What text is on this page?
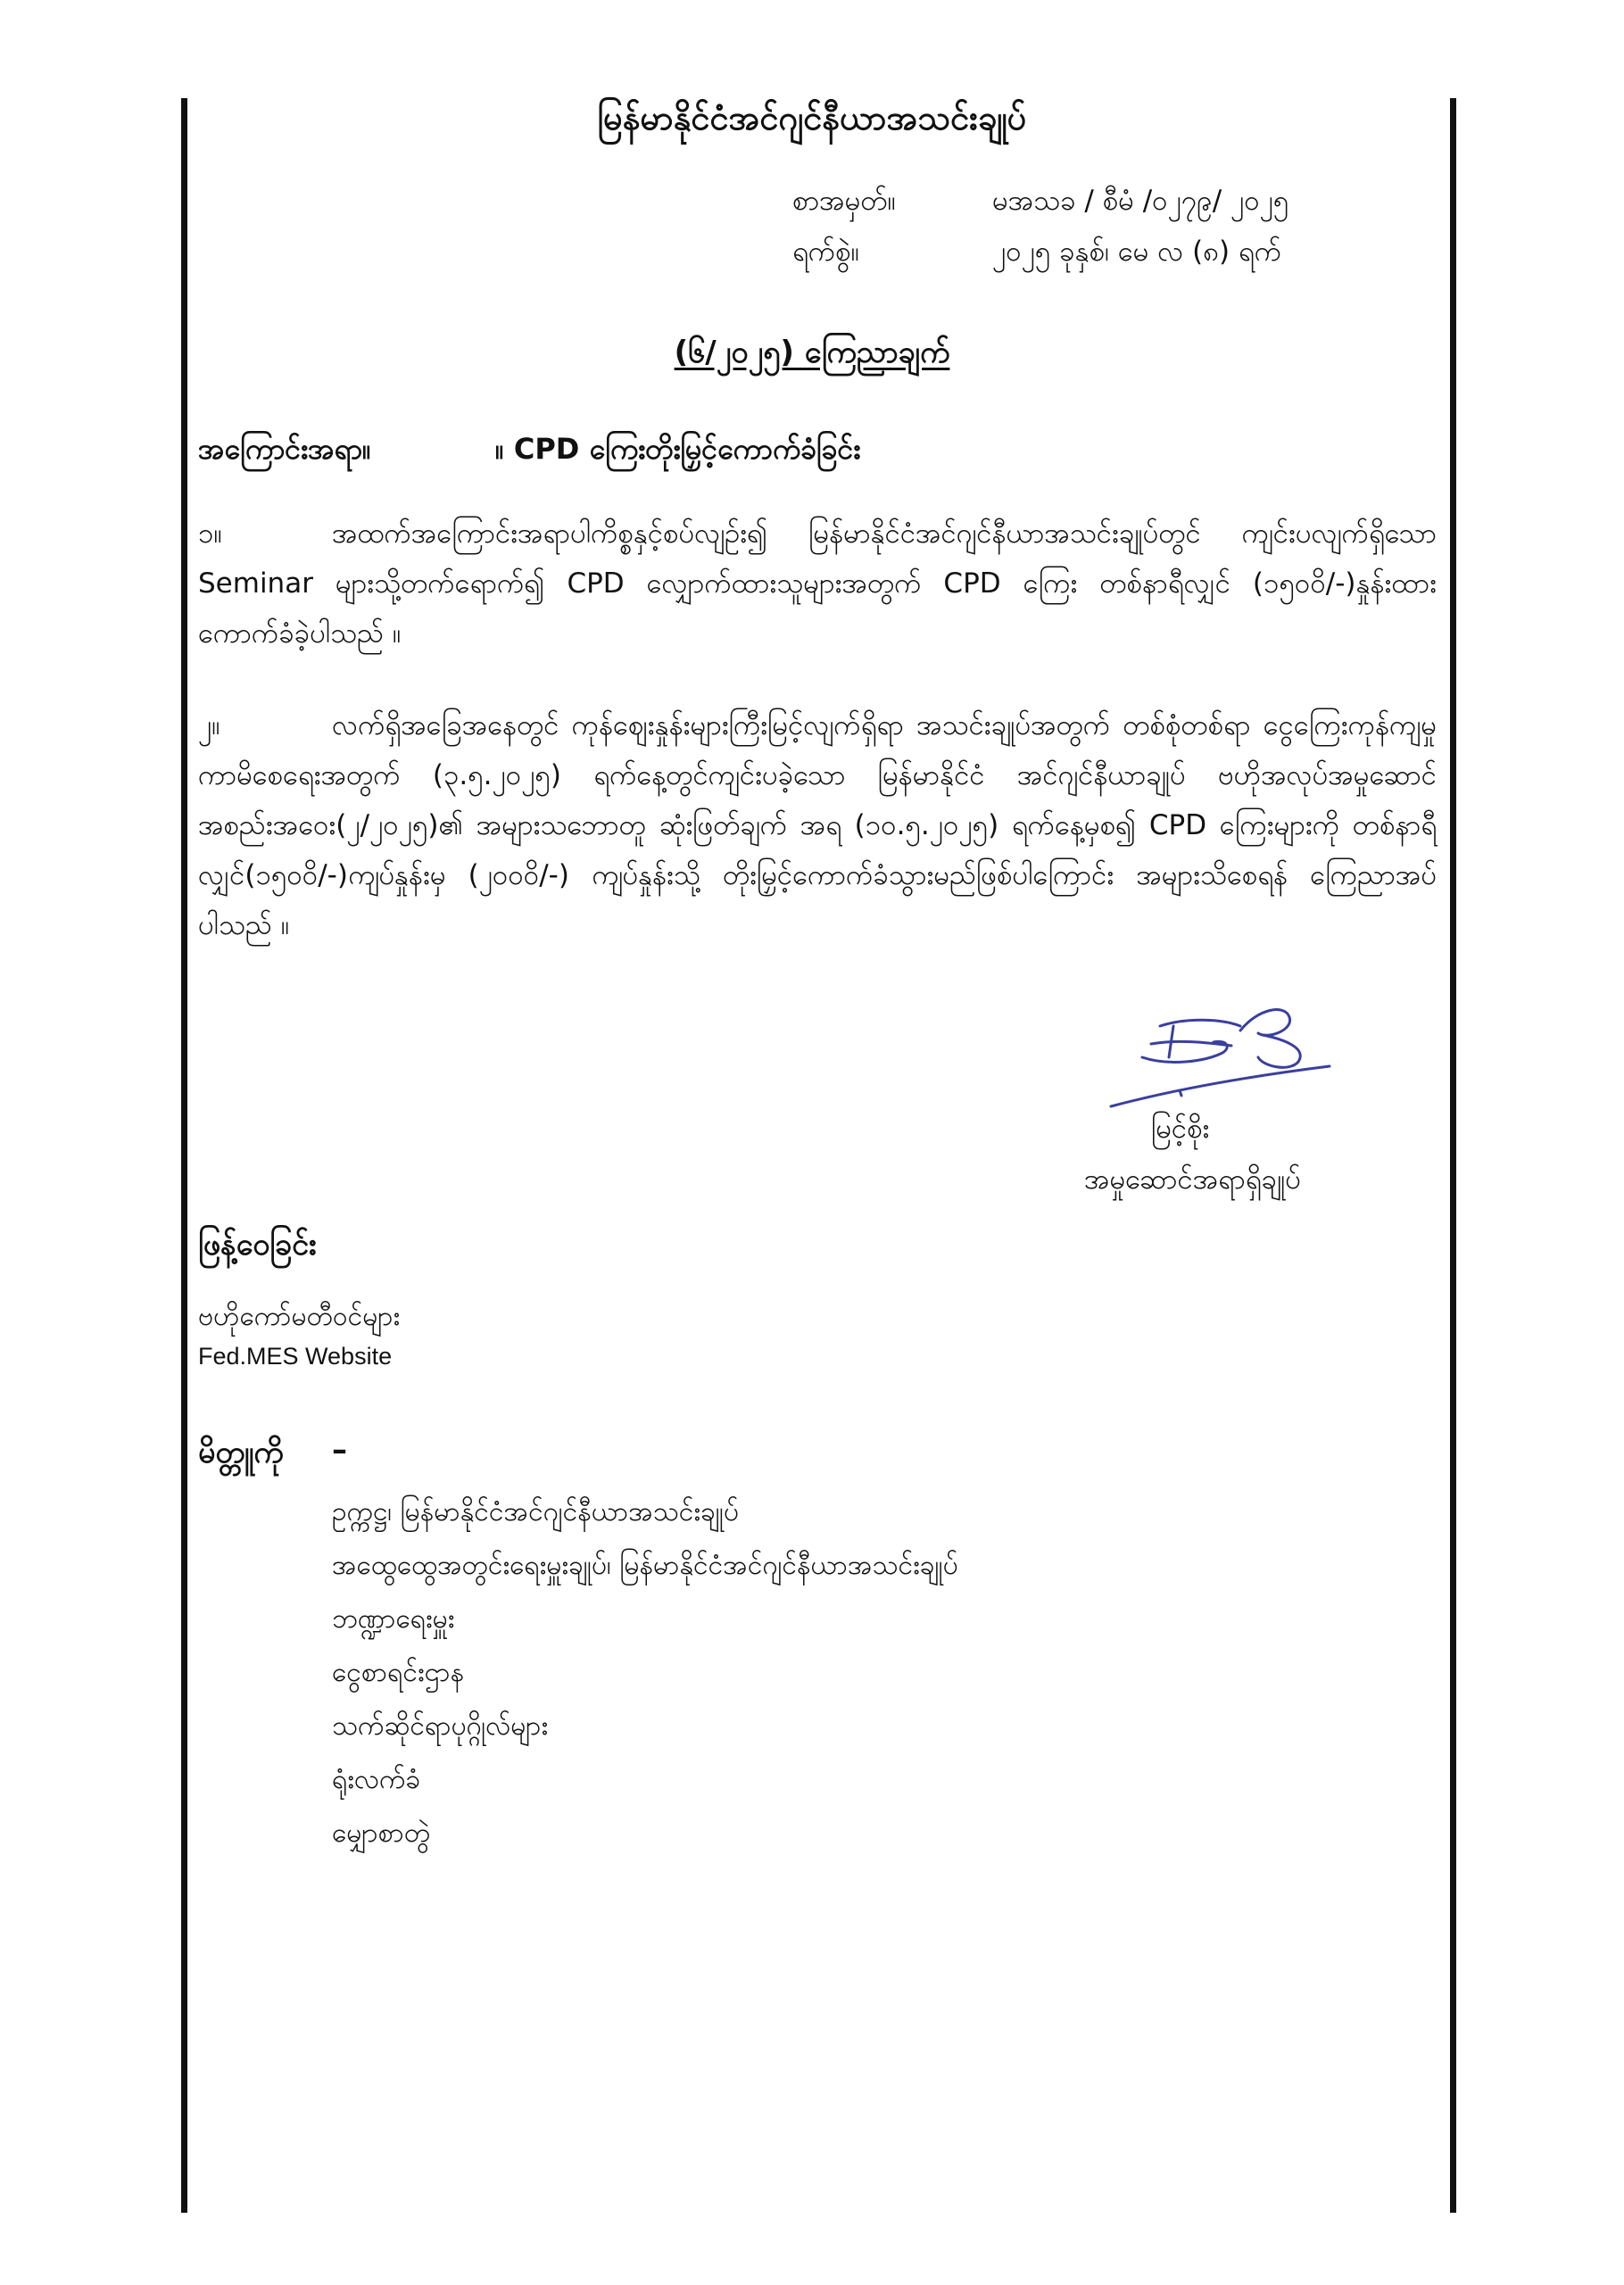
မြန်မာနိုင်ငံအင်ဂျင်နီယာအသင်းချုပ်
စာအမှတ်။	မအသခ / စီမံ /၀၂၇၉/ ၂၀၂၅
ရက်စွဲ။	၂၀၂၅ ခုနှစ်၊ မေ လ (၈) ရက်
(၆/၂၀၂၅) ကြေညာချက်
အကြောင်းအရာ။	။ CPD ကြေးတိုးမြှင့်ကောက်ခံခြင်း
၁။	အထက်အကြောင်းအရာပါကိစ္စနှင့်စပ်လျဉ်း၍ မြန်မာနိုင်ငံအင်ဂျင်နီယာအသင်းချုပ်တွင် ကျင်းပလျက်ရှိသော Seminar များသို့တက်ရောက်၍ CPD လျှောက်ထားသူများအတွက် CPD ကြေး တစ်နာရီလျှင် (၁၅၀၀ိ/-)နှုန်းထားကောက်ခံခဲ့ပါသည် ။
၂။	လက်ရှိအခြေအနေတွင် ကုန်ဈေးနှုန်းများကြီးမြင့်လျက်ရှိရာ အသင်းချုပ်အတွက် တစ်စုံတစ်ရာ ငွေကြေးကုန်ကျမှု ကာမိစေရေးအတွက် (၃.၅.၂၀၂၅) ရက်နေ့တွင်ကျင်းပခဲ့သော မြန်မာနိုင်ငံ အင်ဂျင်နီယာချုပ် ဗဟိုအလုပ်အမှုဆောင်အစည်းအဝေး(၂/၂၀၂၅)၏ အများသဘောတူ ဆုံးဖြတ်ချက် အရ (၁၀.၅.၂၀၂၅) ရက်နေ့မှစ၍ CPD ကြေးများကို တစ်နာရီလျှင်(၁၅၀၀ိ/-)ကျပ်နှုန်းမှ (၂၀၀၀ိ/-) ကျပ်နှုန်းသို့ တိုးမြှင့်ကောက်ခံသွားမည်ဖြစ်ပါကြောင်း အများသိစေရန် ကြေညာအပ်ပါသည် ။
မြင့်စိုး
အမှုဆောင်အရာရှိချုပ်
ဖြန့်ဝေခြင်း
ဗဟိုကော်မတီဝင်များ
Fed.MES Website
မိတ္တူကို –
ဥက္ကဋ္ဌ၊ မြန်မာနိုင်ငံအင်ဂျင်နီယာအသင်းချုပ်
အထွေထွေအတွင်းရေးမှူးချုပ်၊ မြန်မာနိုင်ငံအင်ဂျင်နီယာအသင်းချုပ်
ဘဏ္ဍာရေးမှူး
ငွေစာရင်းဌာန
သက်ဆိုင်ရာပုဂ္ဂိုလ်များ
ရုံးလက်ခံ
မျှောစာတွဲ
